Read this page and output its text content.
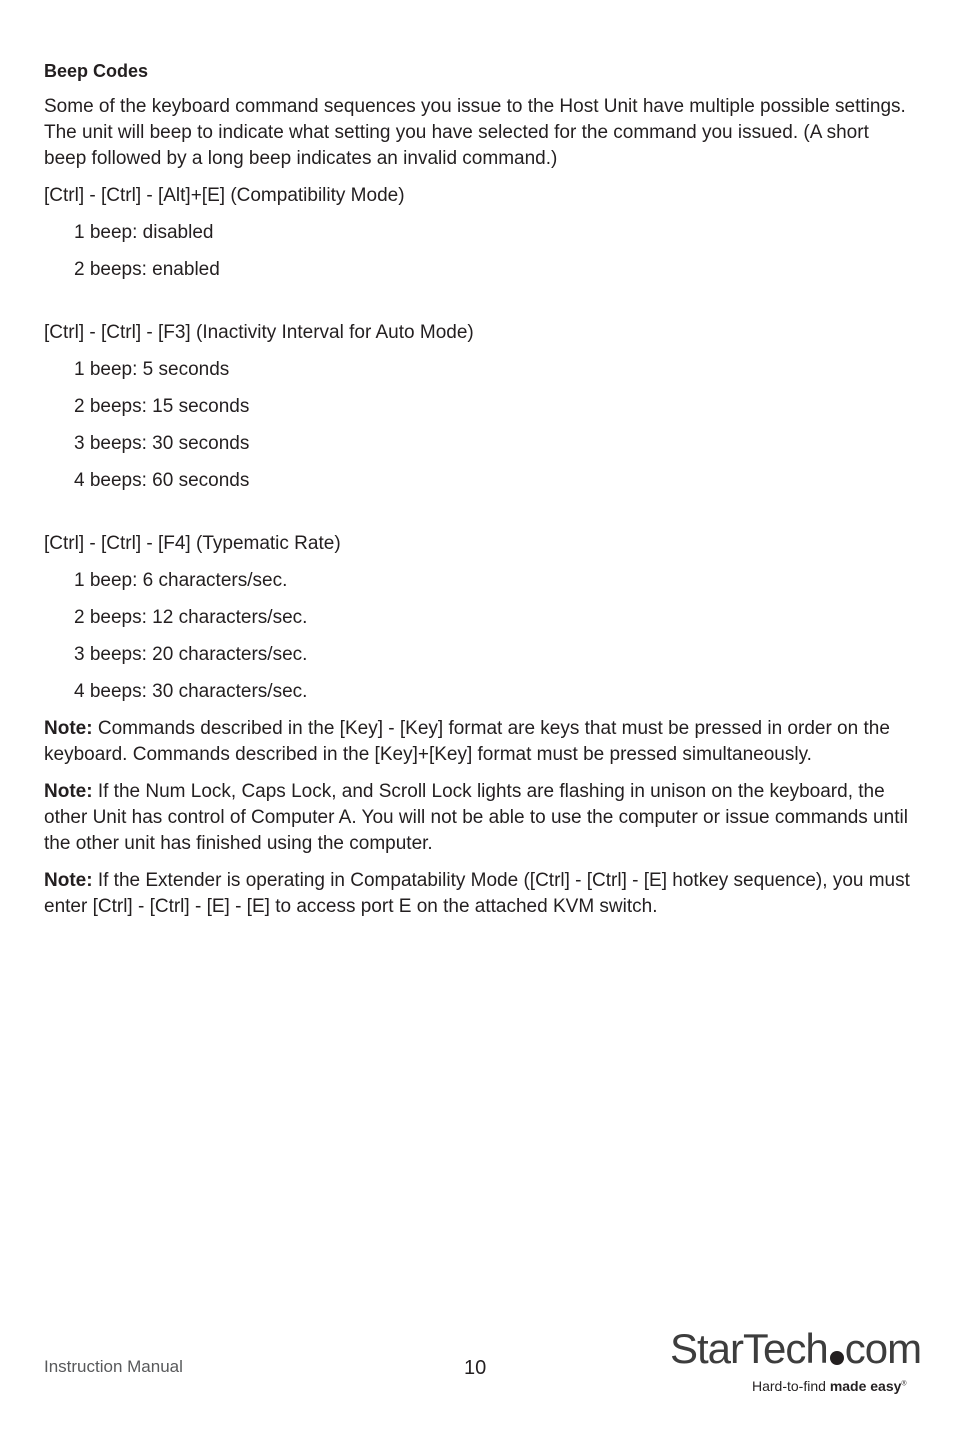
Beep Codes
Some of the keyboard command sequences you issue to the Host Unit have multiple possible settings. The unit will beep to indicate what setting you have selected for the command you issued. (A short beep followed by a long beep indicates an invalid command.)
[Ctrl] - [Ctrl] - [Alt]+[E] (Compatibility Mode)
1 beep: disabled
2 beeps: enabled
[Ctrl] - [Ctrl] - [F3] (Inactivity Interval for Auto Mode)
1 beep: 5 seconds
2 beeps: 15 seconds
3 beeps: 30 seconds
4 beeps: 60 seconds
[Ctrl] - [Ctrl] - [F4] (Typematic Rate)
1 beep: 6 characters/sec.
2 beeps: 12 characters/sec.
3 beeps: 20 characters/sec.
4 beeps: 30 characters/sec.
Note: Commands described in the [Key] - [Key] format are keys that must be pressed in order on the keyboard. Commands described in the [Key]+[Key] format must be pressed simultaneously.
Note: If the Num Lock, Caps Lock, and Scroll Lock lights are flashing in unison on the keyboard, the other Unit has control of Computer A. You will not be able to use the computer or issue commands until the other unit has finished using the computer.
Note: If the Extender is operating in Compatability Mode ([Ctrl] - [Ctrl] - [E] hotkey sequence), you must enter [Ctrl] - [Ctrl] - [E] - [E] to access port E on the attached KVM switch.
Instruction Manual	10	StarTech com
Hard-to-find made easy®
